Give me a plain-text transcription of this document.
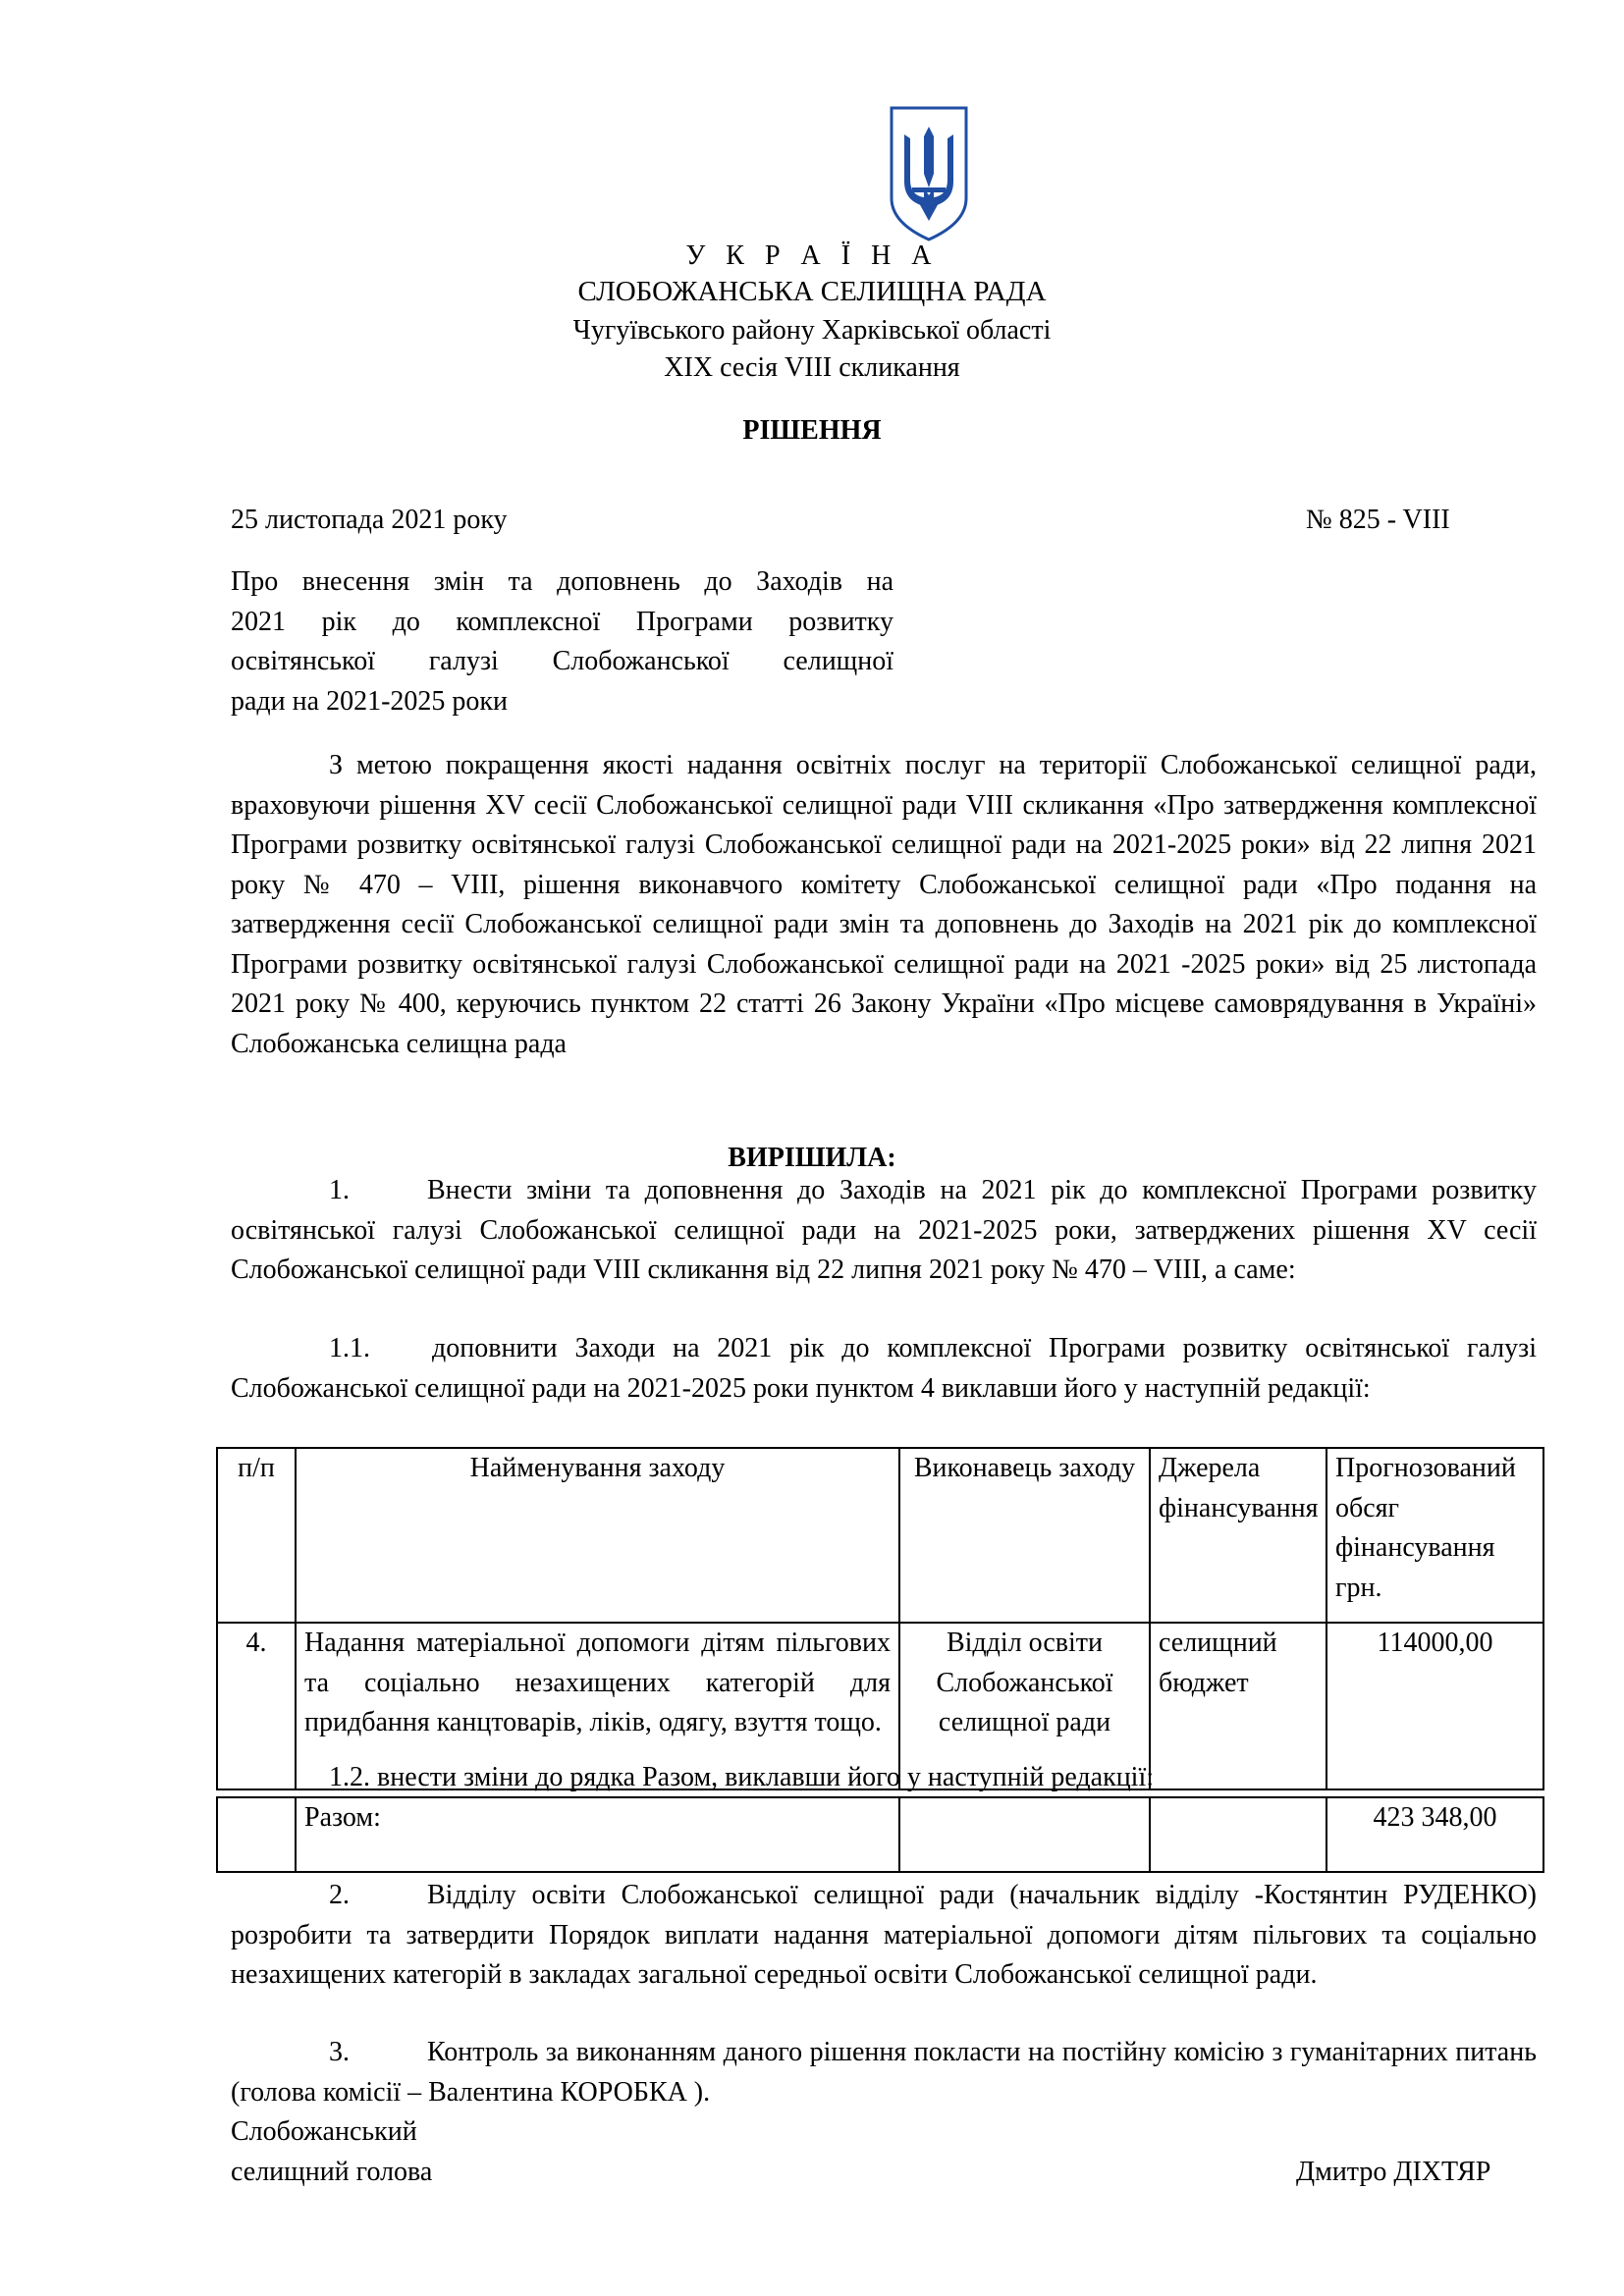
У К Р А Ї Н А
СЛОБОЖАНСЬКА СЕЛИЩНА РАДА
Чугуївського району Харківської області
XIX сесія VIII скликання
РІШЕННЯ
25 листопада 2021 року	№ 825 - VIII
Про внесення змін та доповнень до Заходів на
2021 рік до комплексної Програми розвитку
освітянської галузі Слобожанської селищної
ради на 2021-2025 роки
З метою покращення якості надання освітніх послуг на території Слобожанської селищної ради, враховуючи рішення XV сесії Слобожанської селищної ради VIII скликання «Про затвердження комплексної Програми розвитку освітянської галузі Слобожанської селищної ради на 2021-2025 роки» від 22 липня 2021 року № 470 – VIII, рішення виконавчого комітету Слобожанської селищної ради «Про подання на затвердження сесії Слобожанської селищної ради змін та доповнень до Заходів на 2021 рік до комплексної Програми розвитку освітянської галузі Слобожанської селищної ради на 2021 -2025 роки» від 25 листопада 2021 року № 400, керуючись пунктом 22 статті 26 Закону України «Про місцеве самоврядування в Україні» Слобожанська селищна рада
ВИРІШИЛА:
1.	Внести зміни та доповнення до Заходів на 2021 рік до комплексної Програми розвитку освітянської галузі Слобожанської селищної ради на 2021-2025 роки, затверджених рішення XV сесії Слобожанської селищної ради VIII скликання від 22 липня 2021 року № 470 – VIII, а саме:
1.1. доповнити Заходи на 2021 рік до комплексної Програми розвитку освітянської галузі Слобожанської селищної ради на 2021-2025 роки пунктом 4 виклавши його у наступній редакції:
п/п	Найменування заходу	Виконавець заходу	Джерела фінансування	Прогнозований обсяг фінансування грн.
4.	Надання матеріальної допомоги дітям пільгових та соціально незахищених категорій для придбання канцтоварів, ліків, одягу, взуття тощо.	Відділ освіти Слобожанської селищної ради	селищний бюджет	114000,00
1.2. внести зміни до рядка Разом, виклавши його у наступній редакції:
	Разом:			423 348,00
2.	Відділу освіти Слобожанської селищної ради (начальник відділу -Костянтин РУДЕНКО) розробити та затвердити Порядок виплати надання матеріальної допомоги дітям пільгових та соціально незахищених категорій в закладах загальної середньої освіти Слобожанської селищної ради.
3.	Контроль за виконанням даного рішення покласти на постійну комісію з гуманітарних питань (голова комісії – Валентина КОРОБКА ).
Слобожанський
селищний голова	Дмитро ДІХТЯР
